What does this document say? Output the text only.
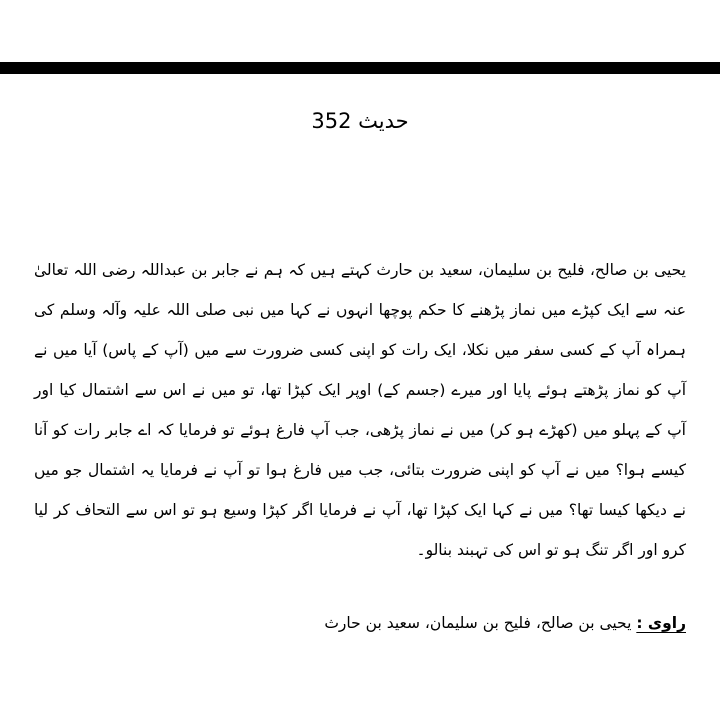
حدیث 352
یحیی بن صالح، فلیح بن سلیمان، سعید بن حارث کہتے ہیں کہ ہم نے جابر بن عبداللہ رضی اللہ تعالیٰ عنہ سے ایک کپڑے میں نماز پڑھنے کا حکم پوچھا انہوں نے کہا میں نبی صلی اللہ علیہ وآلہ وسلم کی ہمراہ آپ کے کسی سفر میں نکلا، ایک رات کو اپنی کسی ضرورت سے میں (آپ کے پاس) آیا میں نے آپ کو نماز پڑھتے ہوئے پایا اور میرے (جسم کے) اوپر ایک کپڑا تھا، تو میں نے اس سے اشتمال کیا اور آپ کے پہلو میں (کھڑے ہو کر) میں نے نماز پڑھی، جب آپ فارغ ہوئے تو فرمایا کہ اے جابر رات کو آنا کیسے ہوا؟ میں نے آپ کو اپنی ضرورت بتائی، جب میں فارغ ہوا تو آپ نے فرمایا یہ اشتمال جو میں نے دیکھا کیسا تھا؟ میں نے کہا ایک کپڑا تھا، آپ نے فرمایا اگر کپڑا وسیع ہو تو اس سے التحاف کر لیا کرو اور اگر تنگ ہو تو اس کی تہبند بنالو۔
راوی : یحیی بن صالح، فلیح بن سلیمان، سعید بن حارث
